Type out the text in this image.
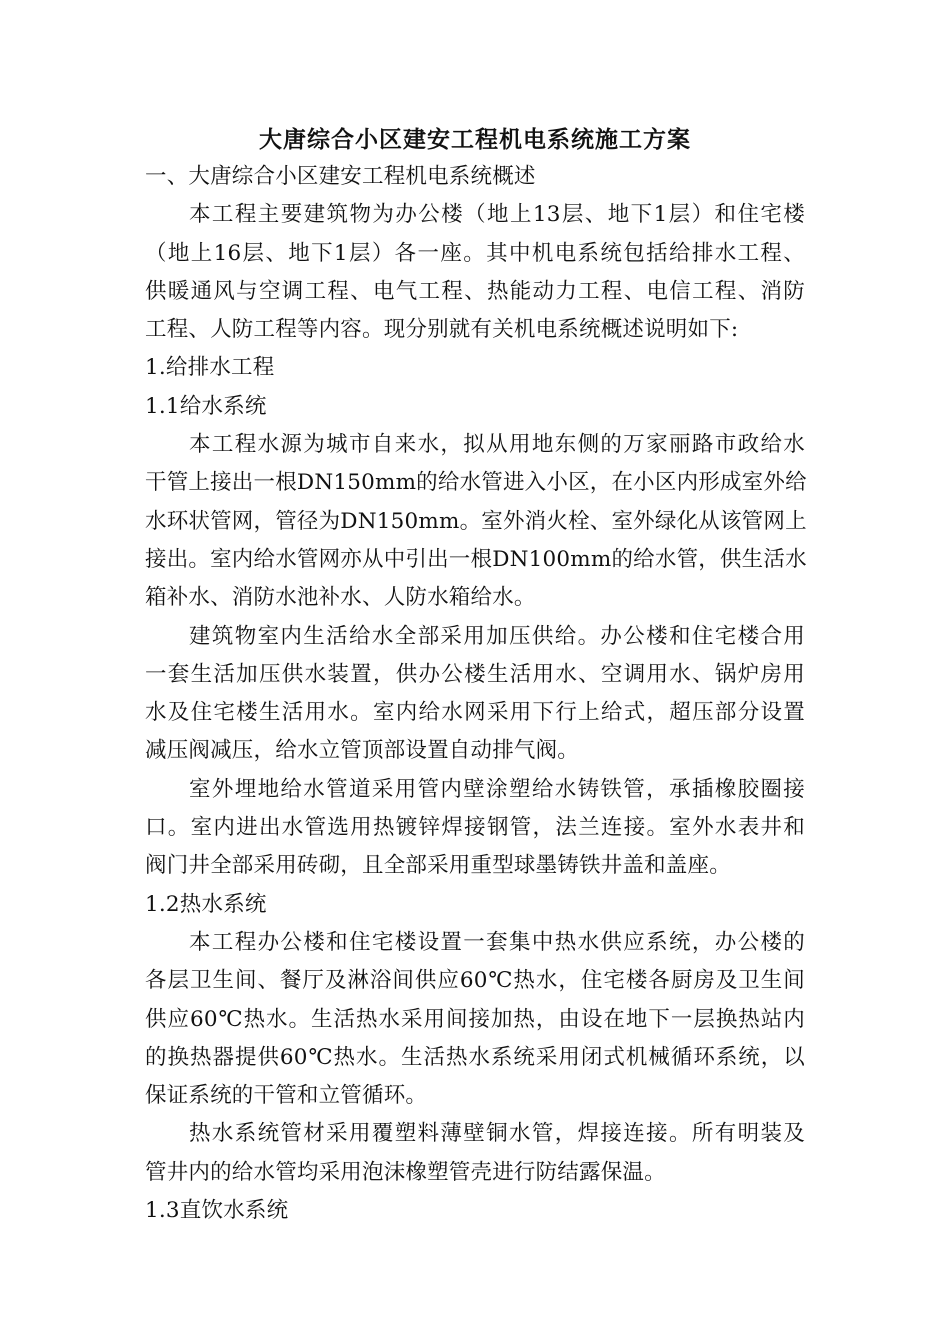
大唐综合小区建安工程机电系统施工方案
一、大唐综合小区建安工程机电系统概述
本工程主要建筑物为办公楼（地上13层、地下1层）和住宅楼
（地上16层、地下1层）各一座。其中机电系统包括给排水工程、
供暖通风与空调工程、电气工程、热能动力工程、电信工程、消防
工程、人防工程等内容。现分别就有关机电系统概述说明如下:
1.给排水工程
1.1给水系统
本工程水源为城市自来水，拟从用地东侧的万家丽路市政给水
干管上接出一根DN150mm的给水管进入小区，在小区内形成室外给
水环状管网，管径为DN150mm。室外消火栓、室外绿化从该管网上
接出。室内给水管网亦从中引出一根DN100mm的给水管，供生活水
箱补水、消防水池补水、人防水箱给水。
建筑物室内生活给水全部采用加压供给。办公楼和住宅楼合用
一套生活加压供水装置，供办公楼生活用水、空调用水、锅炉房用
水及住宅楼生活用水。室内给水网采用下行上给式，超压部分设置
减压阀减压，给水立管顶部设置自动排气阀。
室外埋地给水管道采用管内壁涂塑给水铸铁管，承插橡胶圈接
口。室内进出水管选用热镀锌焊接钢管，法兰连接。室外水表井和
阀门井全部采用砖砌，且全部采用重型球墨铸铁井盖和盖座。
1.2热水系统
本工程办公楼和住宅楼设置一套集中热水供应系统，办公楼的
各层卫生间、餐厅及淋浴间供应60℃热水，住宅楼各厨房及卫生间
供应60℃热水。生活热水采用间接加热，由设在地下一层换热站内
的换热器提供60℃热水。生活热水系统采用闭式机械循环系统，以
保证系统的干管和立管循环。
热水系统管材采用覆塑料薄壁铜水管，焊接连接。所有明装及
管井内的给水管均采用泡沫橡塑管壳进行防结露保温。
1.3直饮水系统
